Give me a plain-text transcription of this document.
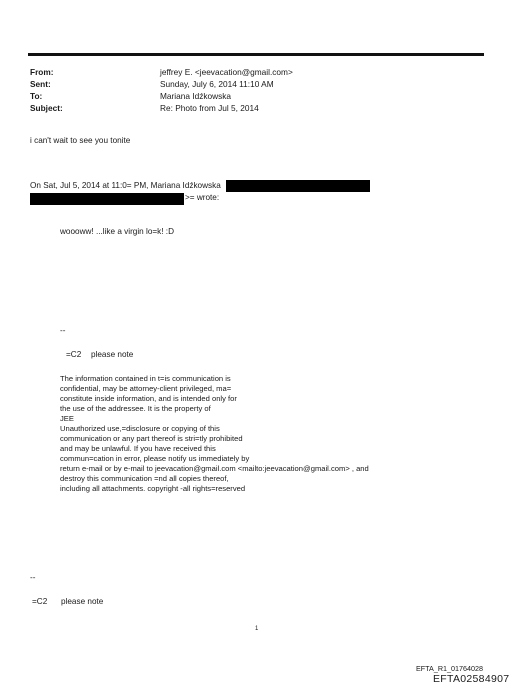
From:	jeffrey E. <jeevacation@gmail.com>
Sent:	Sunday, July 6, 2014 11:10 AM
To:	Mariana Idźkowska
Subject:	Re: Photo from Jul 5, 2014
i can't wait to see you tonite
On Sat, Jul 5, 2014 at 11:0= PM, Mariana Idźkowska
>= wrote:
woooww! ...like a virgin lo=k! :D
--
=C2 please note
The information contained in t=is communication is
confidential, may be attorney-client privileged, ma=
constitute inside information, and is intended only for
the use of the addressee. It is the property of
JEE
Unauthorized use,=disclosure or copying of this
communication or any part thereof is stri=tly prohibited
and may be unlawful. If you have received this
commun=cation in error, please notify us immediately by
return e-mail or by e-mail to jeevacation@gmail.com <mailto:jeevacation@gmail.com> , and
destroy this communication =nd all copies thereof,
including all attachments. copyright -all rights=reserved
--
=C2 please note
1
EFTA_R1_01764028
EFTA02584907
